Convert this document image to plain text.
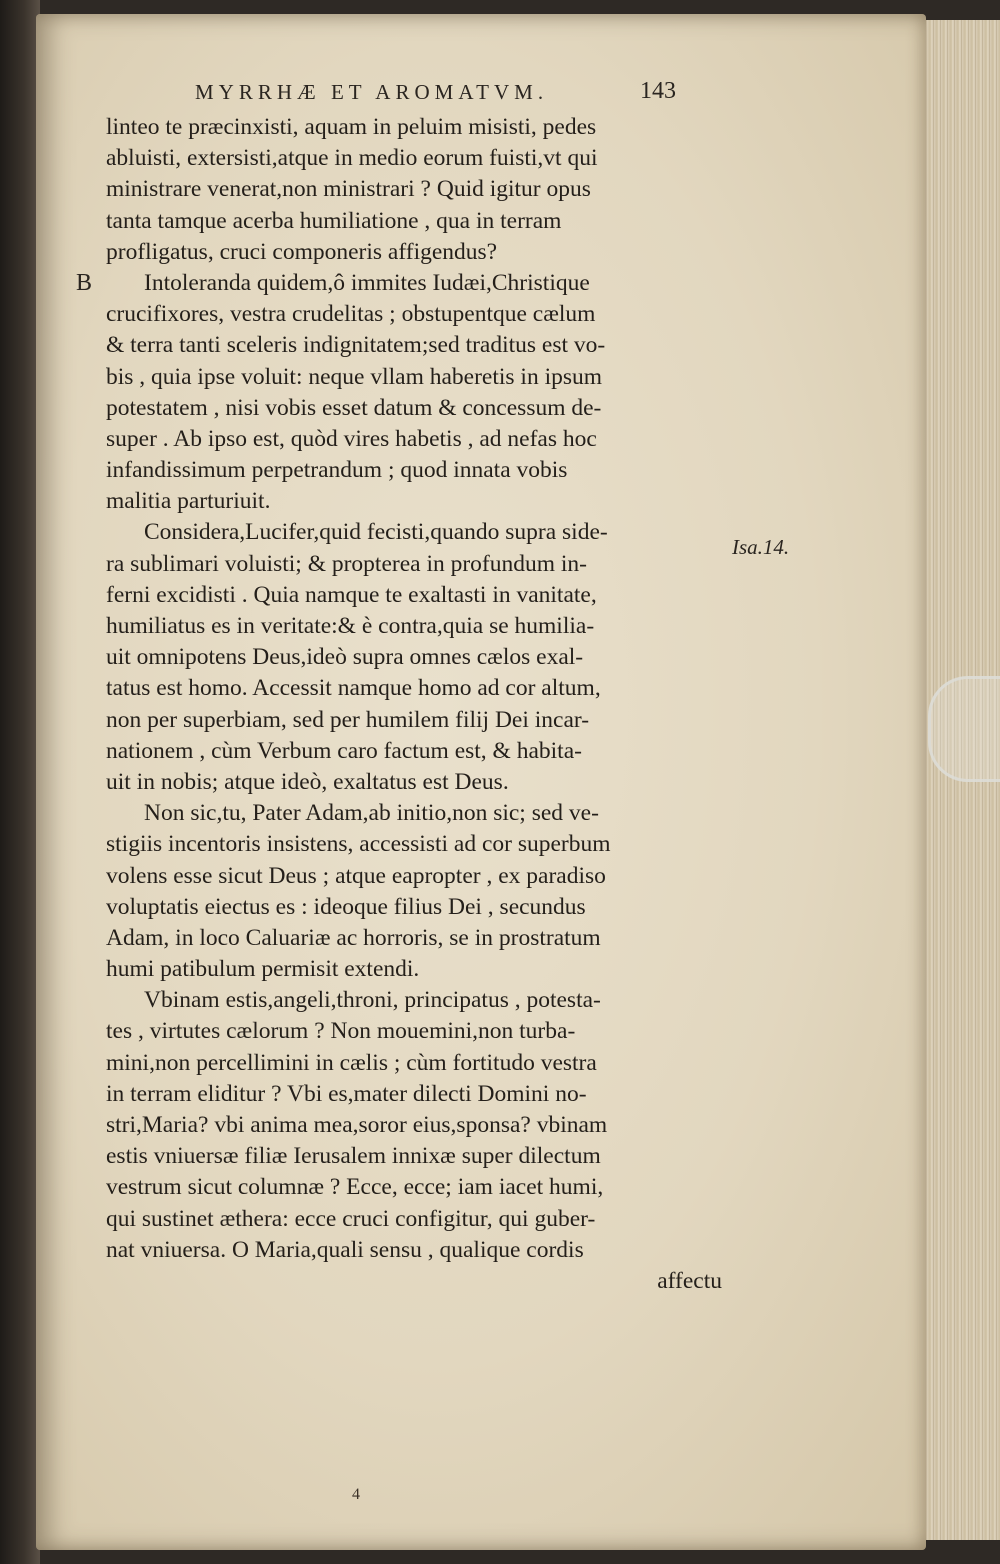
MYRRHÆ ET AROMATVM.	143
B
Isa.14.
linteo te præcinxisti, aquam in peluim misisti, pedes
abluisti, extersisti,atque in medio eorum fuisti,vt qui
ministrare venerat,non ministrari ? Quid igitur opus
tanta tamque acerba humiliatione , qua in terram
profligatus, cruci componeris affigendus?
Intoleranda quidem,ô immites Iudæi,Christique
crucifixores, vestra crudelitas ; obstupentque cælum
& terra tanti sceleris indignitatem;sed traditus est vo-
bis , quia ipse voluit: neque vllam haberetis in ipsum
potestatem , nisi vobis esset datum & concessum de-
super . Ab ipso est, quòd vires habetis , ad nefas hoc
infandissimum perpetrandum ; quod innata vobis
malitia parturiuit.
Considera,Lucifer,quid fecisti,quando supra side-
ra sublimari voluisti; & propterea in profundum in-
ferni excidisti . Quia namque te exaltasti in vanitate,
humiliatus es in veritate:& è contra,quia se humilia-
uit omnipotens Deus,ideò supra omnes cælos exal-
tatus est homo. Accessit namque homo ad cor altum,
non per superbiam, sed per humilem filij Dei incar-
nationem , cùm Verbum caro factum est, & habita-
uit in nobis; atque ideò, exaltatus est Deus.
Non sic,tu, Pater Adam,ab initio,non sic; sed ve-
stigiis incentoris insistens, accessisti ad cor superbum
volens esse sicut Deus ; atque eapropter , ex paradiso
voluptatis eiectus es : ideoque filius Dei , secundus
Adam, in loco Caluariæ ac horroris, se in prostratum
humi patibulum permisit extendi.
Vbinam estis,angeli,throni, principatus , potesta-
tes , virtutes cælorum ? Non mouemini,non turba-
mini,non percellimini in cælis ; cùm fortitudo vestra
in terram eliditur ? Vbi es,mater dilecti Domini no-
stri,Maria? vbi anima mea,soror eius,sponsa? vbinam
estis vniuersæ filiæ Ierusalem innixæ super dilectum
vestrum sicut columnæ ? Ecce, ecce; iam iacet humi,
qui sustinet æthera: ecce cruci configitur, qui guber-
nat vniuersa. O Maria,quali sensu , qualique cordis
affectu
4
